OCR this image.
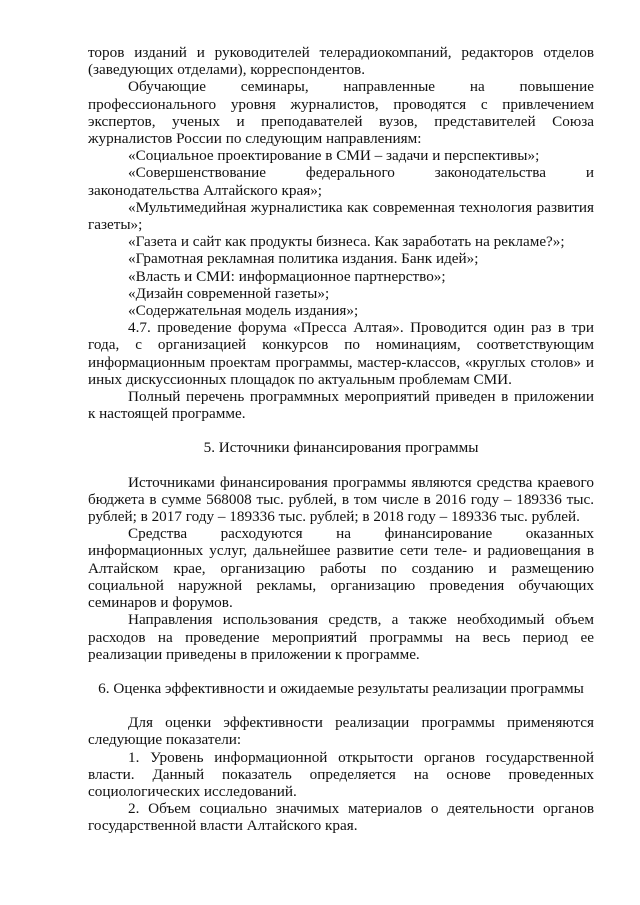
торов изданий и руководителей телерадиокомпаний, редакторов отделов (заведующих отделами), корреспондентов.

Обучающие семинары, направленные на повышение профессионального уровня журналистов, проводятся с привлечением экспертов, ученых и преподавателей вузов, представителей Союза журналистов России по следующим направлениям:

«Социальное проектирование в СМИ – задачи и перспективы»;

«Совершенствование федерального законодательства и законодательства Алтайского края»;

«Мультимедийная журналистика как современная технология развития газеты»;

«Газета и сайт как продукты бизнеса. Как заработать на рекламе?»;

«Грамотная рекламная политика издания. Банк идей»;

«Власть и СМИ: информационное партнерство»;

«Дизайн современной газеты»;

«Содержательная модель издания»;

4.7. проведение форума «Пресса Алтая». Проводится один раз в три года, с организацией конкурсов по номинациям, соответствующим информационным проектам программы, мастер-классов, «круглых столов» и иных дискуссионных площадок по актуальным проблемам СМИ.

Полный перечень программных мероприятий приведен в приложении к настоящей программе.

5. Источники финансирования программы

Источниками финансирования программы являются средства краевого бюджета в сумме 568008 тыс. рублей, в том числе в 2016 году – 189336 тыс. рублей; в 2017 году – 189336 тыс. рублей; в 2018 году – 189336 тыс. рублей.

Средства расходуются на финансирование оказанных информационных услуг, дальнейшее развитие сети теле- и радиовещания в Алтайском крае, организацию работы по созданию и размещению социальной наружной рекламы, организацию проведения обучающих семинаров и форумов.

Направления использования средств, а также необходимый объем расходов на проведение мероприятий программы на весь период ее реализации приведены в приложении к программе.

6. Оценка эффективности и ожидаемые результаты реализации программы

Для оценки эффективности реализации программы применяются следующие показатели:

1. Уровень информационной открытости органов государственной власти. Данный показатель определяется на основе проведенных социологических исследований.

2. Объем социально значимых материалов о деятельности органов государственной власти Алтайского края.
